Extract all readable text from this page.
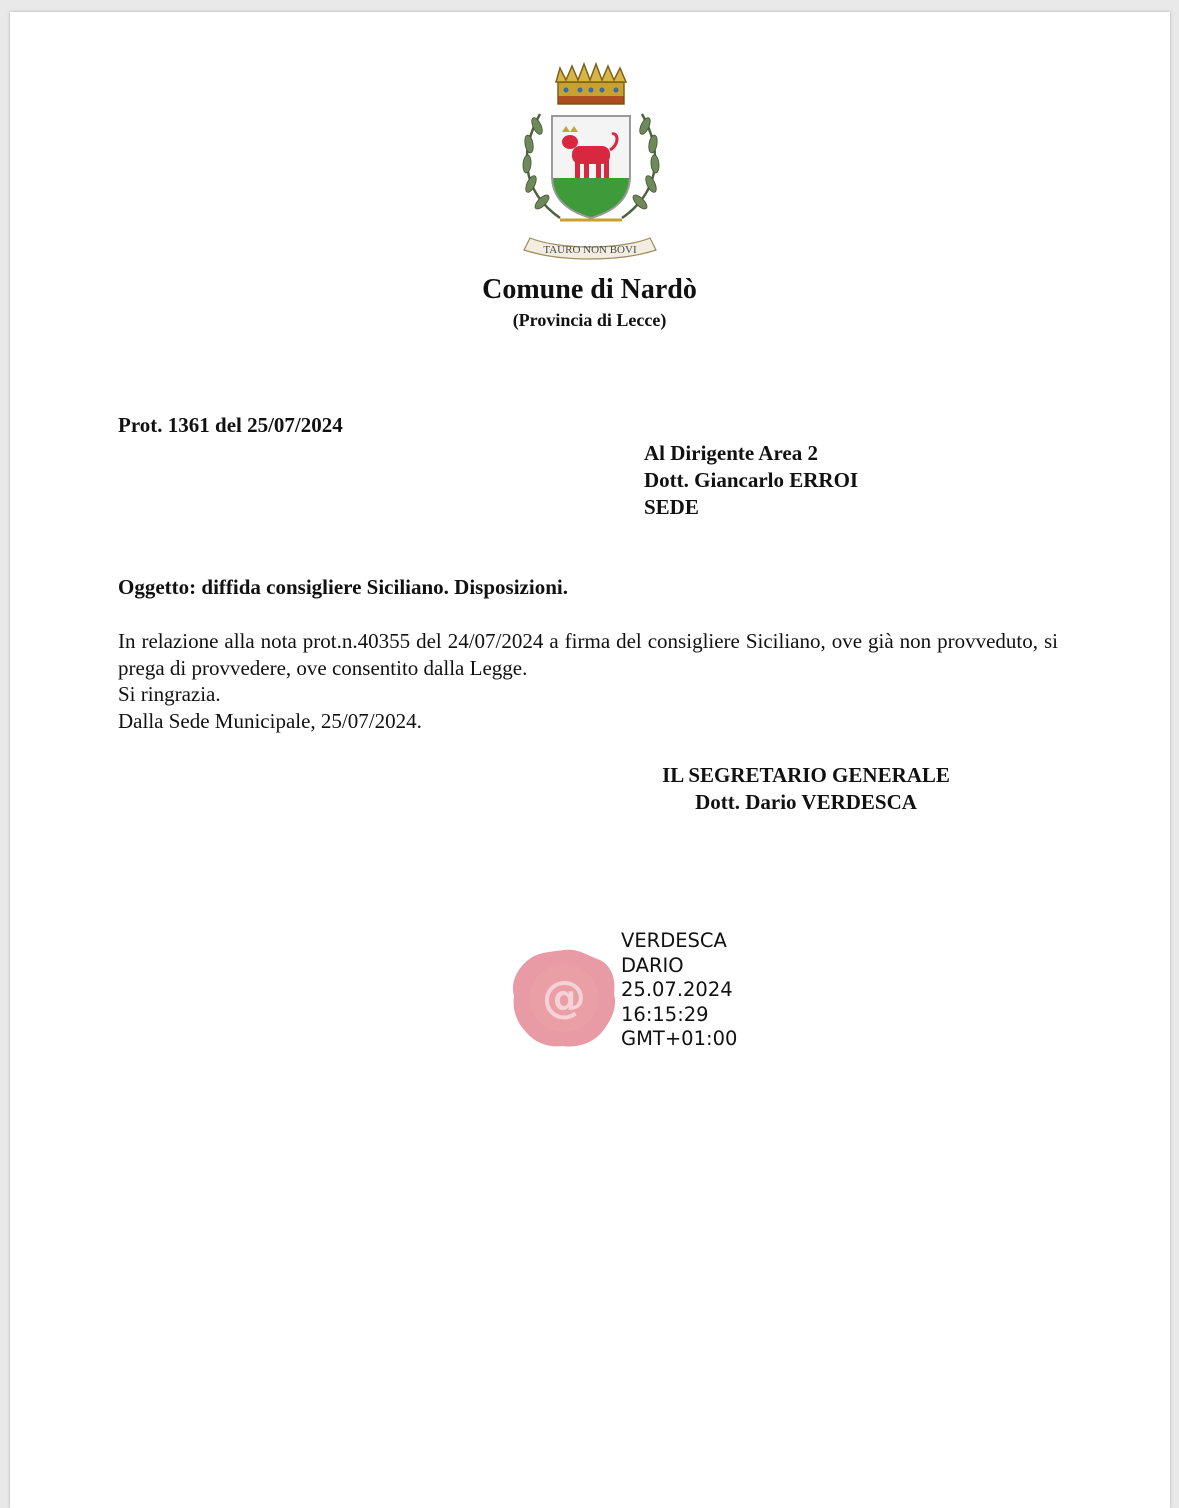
TAURO NON BOVI
Comune di Nardò
(Provincia di Lecce)
Prot. 1361 del 25/07/2024
Al Dirigente Area 2
Dott. Giancarlo ERROI
SEDE
Oggetto: diffida consigliere Siciliano. Disposizioni.

In relazione alla nota prot.n.40355 del 24/07/2024 a firma del consigliere Siciliano, ove già non provveduto, si prega di provvedere, ove consentito dalla Legge.

Si ringrazia.

Dalla Sede Municipale, 25/07/2024.

IL SEGRETARIO GENERALE
Dott. Dario VERDESCA
@
VERDESCA
DARIO
25.07.2024
16:15:29
GMT+01:00
